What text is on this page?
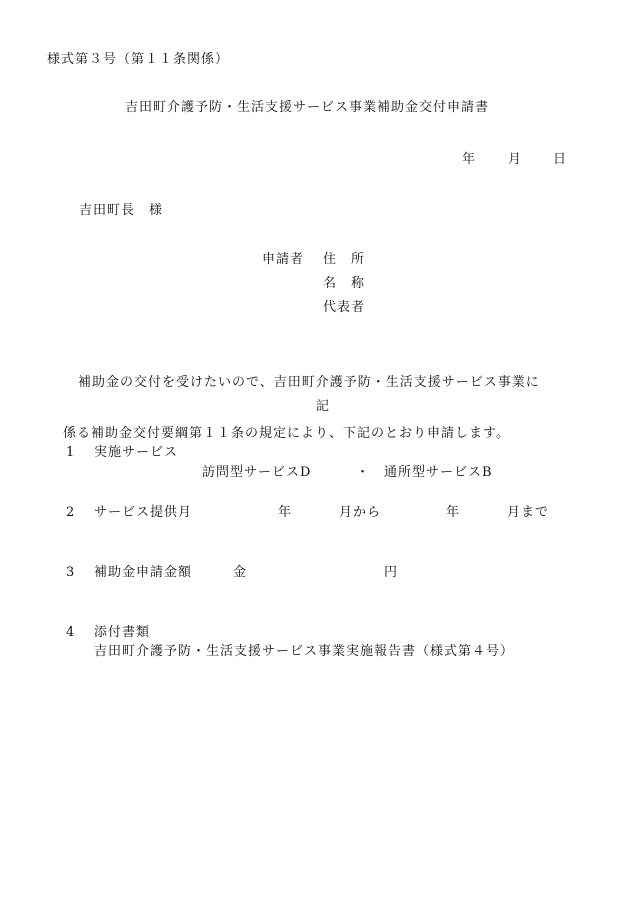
様式第３号（第１１条関係）
吉田町介護予防・生活支援サービス事業補助金交付申請書
年 月 日
吉田町長　様
申請者 住　所
名　称
代表者

補助金の交付を受けたいので、吉田町介護予防・生活支援サービス事業に

係る補助金交付要綱第１１条の規定により、下記のとおり申請します。

記
1 実施サービス
訪問型サービスD	・ 通所型サービスB
2 サービス提供月	年	月から	年	月まで
3 補助金申請金額	金	円
4 添付書類
吉田町介護予防・生活支援サービス事業実施報告書（様式第４号）
